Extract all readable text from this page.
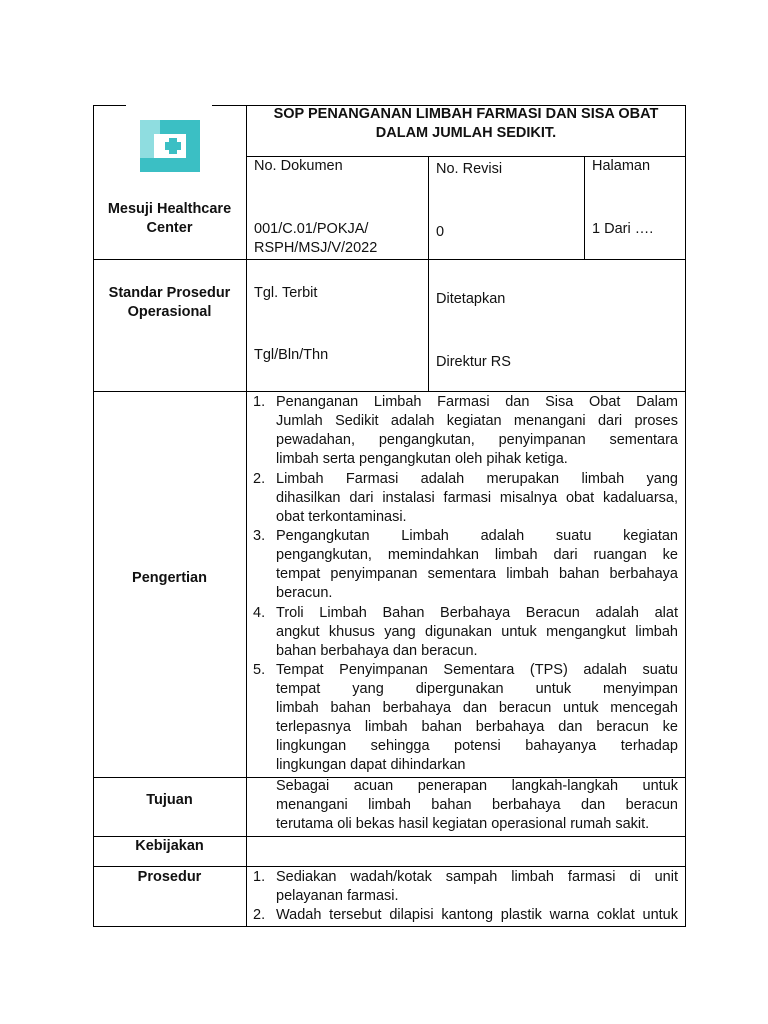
Mesuji Healthcare
Center
SOP PENANGANAN LIMBAH FARMASI DAN SISA OBAT
DALAM JUMLAH SEDIKIT.
No. Dokumen
001/C.01/POKJA/
RSPH/MSJ/V/2022
No. Revisi
0
Halaman
1 Dari ….
Standar Prosedur
Operasional
Tgl. Terbit
Tgl/Bln/Thn
Ditetapkan
Direktur RS
Pengertian
1. Penanganan Limbah Farmasi dan Sisa Obat Dalam
Jumlah Sedikit adalah kegiatan menangani dari proses
pewadahan, pengangkutan, penyimpanan sementara
limbah serta pengangkutan oleh pihak ketiga.
2. Limbah Farmasi adalah merupakan limbah yang
dihasilkan dari instalasi farmasi misalnya obat kadaluarsa,
obat terkontaminasi.
3. Pengangkutan Limbah adalah suatu kegiatan
pengangkutan, memindahkan limbah dari ruangan ke
tempat penyimpanan sementara limbah bahan berbahaya
beracun.
4. Troli Limbah Bahan Berbahaya Beracun adalah alat
angkut khusus yang digunakan untuk mengangkut limbah
bahan berbahaya dan beracun.
5. Tempat Penyimpanan Sementara (TPS) adalah suatu
tempat yang dipergunakan untuk menyimpan
limbah bahan berbahaya dan beracun untuk mencegah
terlepasnya limbah bahan berbahaya dan beracun ke
lingkungan sehingga potensi bahayanya terhadap
lingkungan dapat dihindarkan
Tujuan
Sebagai acuan penerapan langkah-langkah untuk
menangani limbah bahan berbahaya dan beracun
terutama oli bekas hasil kegiatan operasional rumah sakit.
Kebijakan
Prosedur	1. Sediakan wadah/kotak sampah limbah farmasi di unit
pelayanan farmasi.
2. Wadah tersebut dilapisi kantong plastik warna coklat untuk
